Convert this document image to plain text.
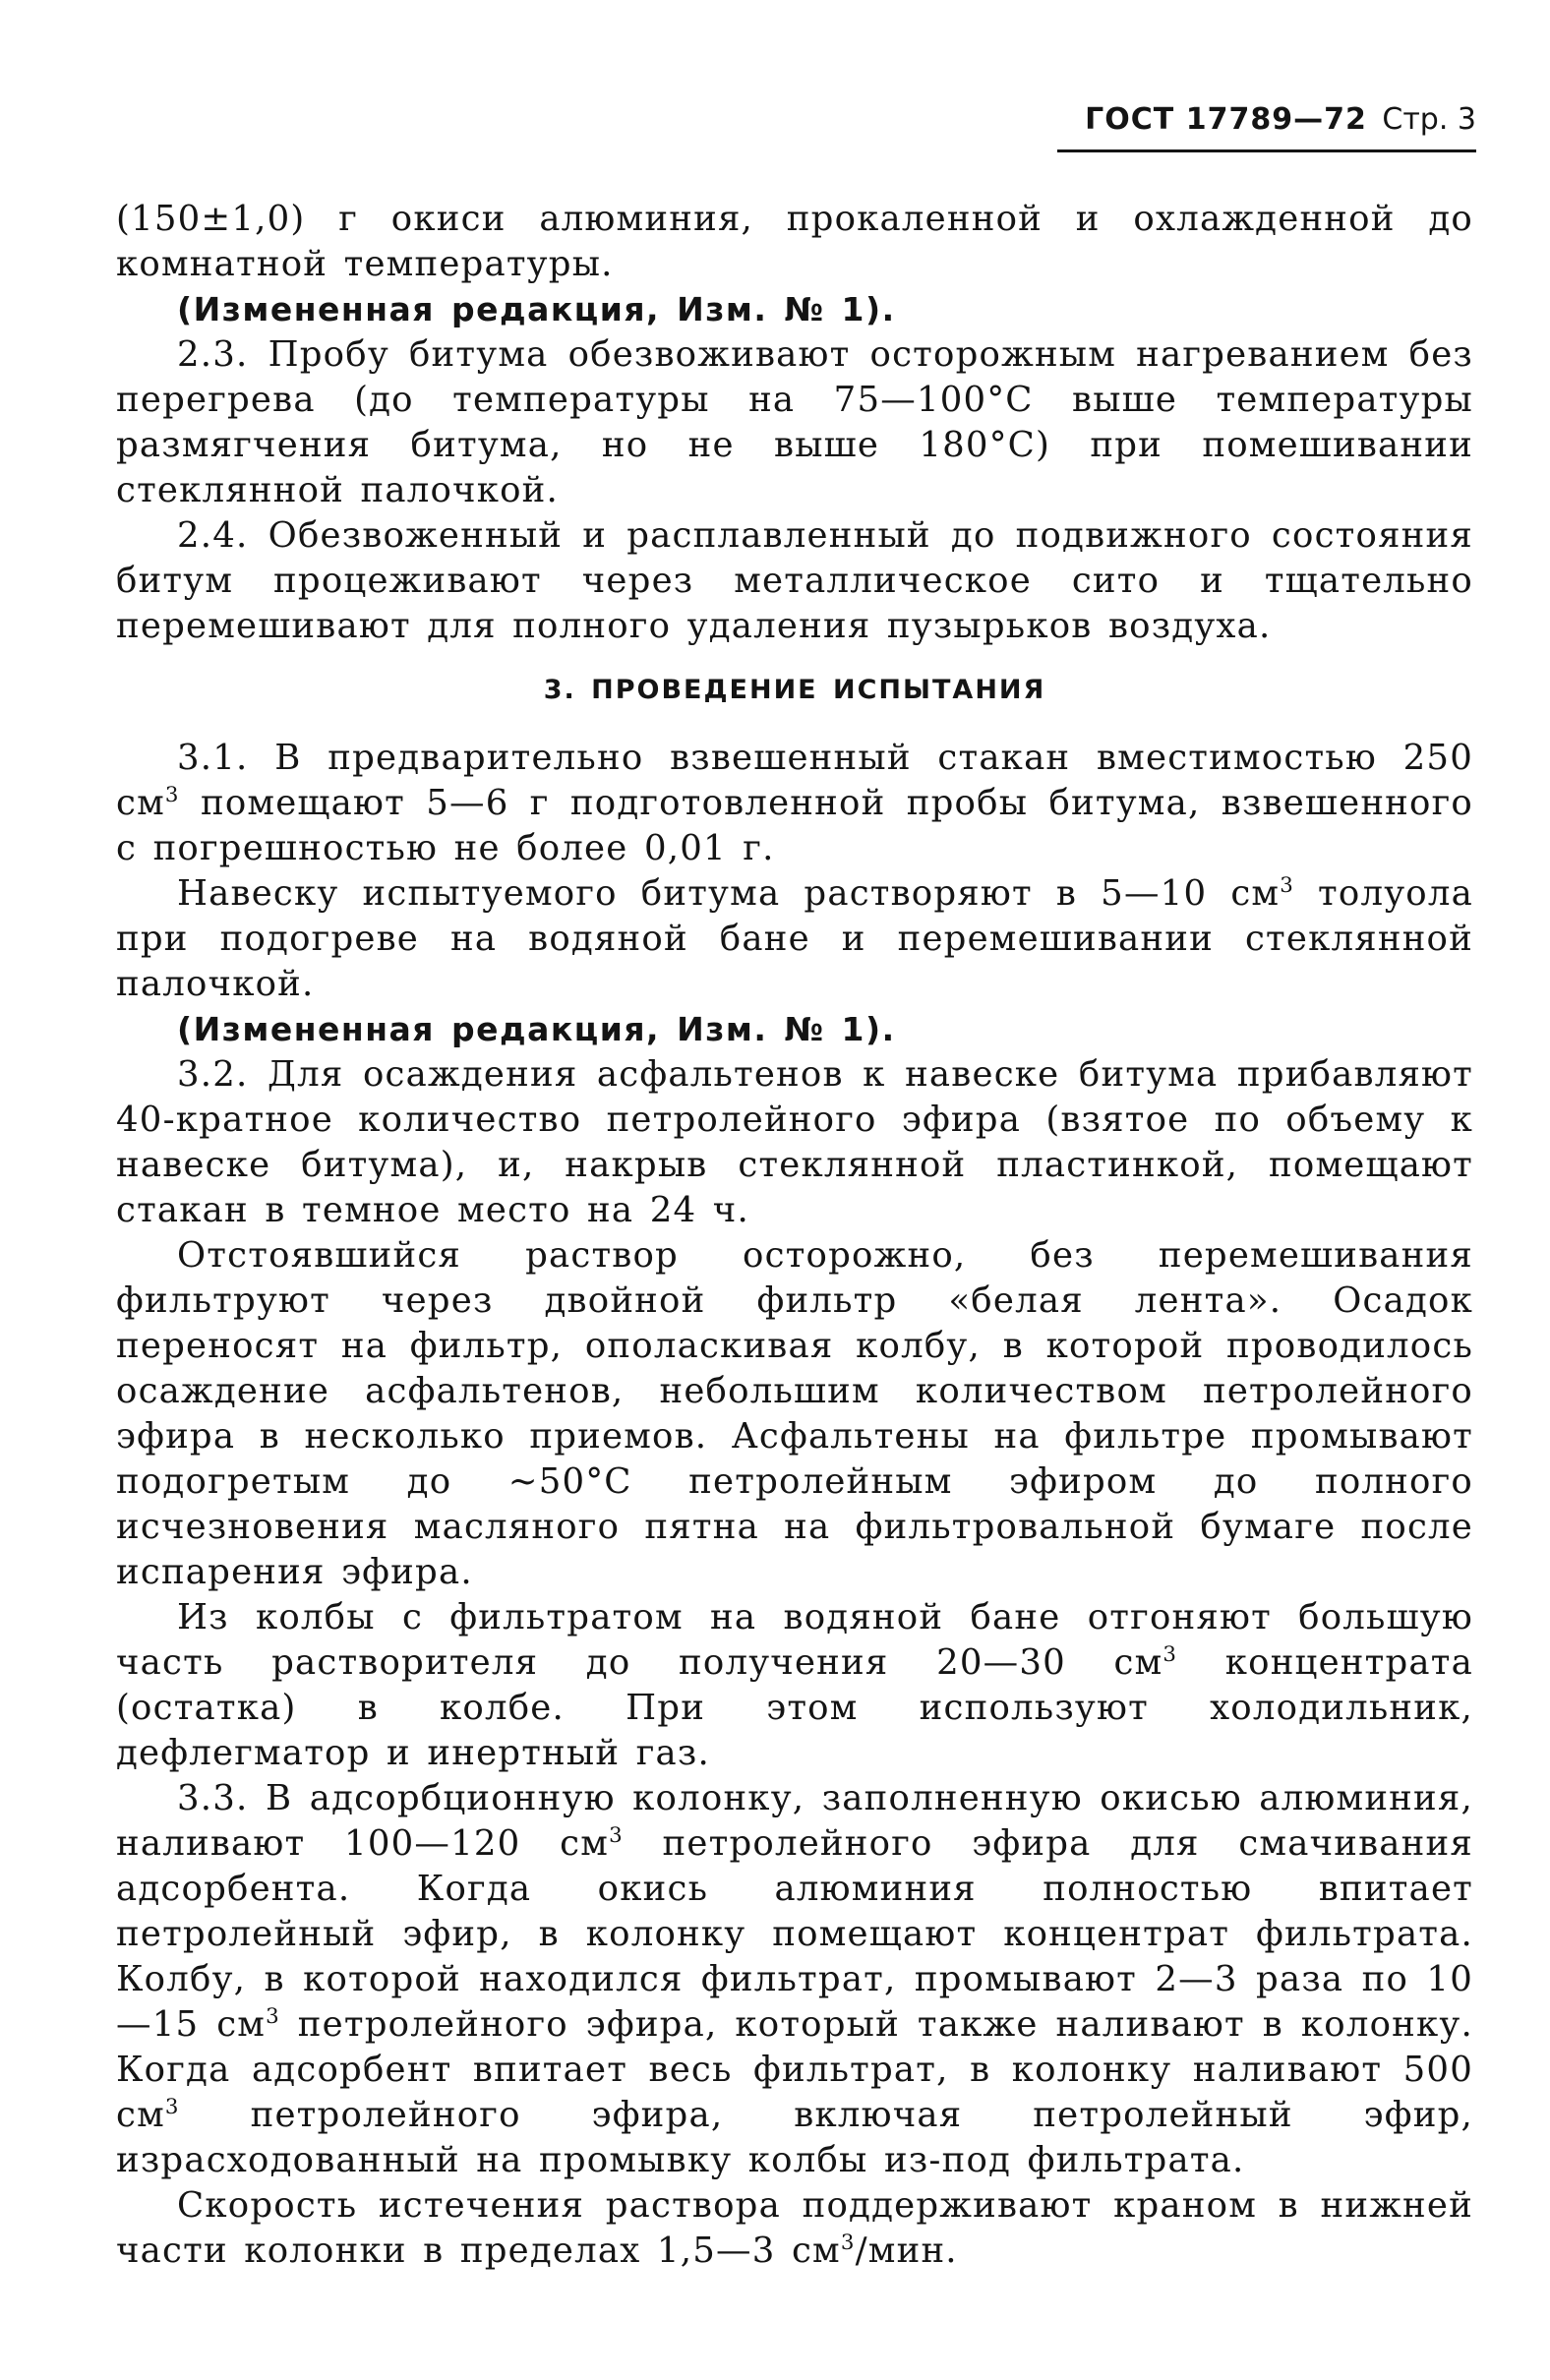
ГОСТ 17789—72 Стр. 3

(150±1,0) г окиси алюминия, прокаленной и охлажденной до комнатной температуры.

(Измененная редакция, Изм. № 1).

2.3. Пробу битума обезвоживают осторожным нагреванием без перегрева (до температуры на 75—100°С выше температуры размягчения битума, но не выше 180°С) при помешивании стеклянной палочкой.

2.4. Обезвоженный и расплавленный до подвижного состояния битум процеживают через металлическое сито и тщательно перемешивают для полного удаления пузырьков воздуха.

3. ПРОВЕДЕНИЕ ИСПЫТАНИЯ

3.1. В предварительно взвешенный стакан вместимостью 250 $см^3$ помещают 5—6 г подготовленной пробы битума, взвешенного с погрешностью не более 0,01 г.

Навеску испытуемого битума растворяют в 5—10 $см^3$ толуола при подогреве на водяной бане и перемешивании стеклянной палочкой.

(Измененная редакция, Изм. № 1).

3.2. Для осаждения асфальтенов к навеске битума прибавляют 40-кратное количество петролейного эфира (взятое по объему к навеске битума), и, накрыв стеклянной пластинкой, помещают стакан в темное место на 24 ч.

Отстоявшийся раствор осторожно, без перемешивания фильтруют через двойной фильтр «белая лента». Осадок переносят на фильтр, ополаскивая колбу, в которой проводилось осаждение асфальтенов, небольшим количеством петролейного эфира в несколько приемов. Асфальтены на фильтре промывают подогретым до ~50°С петролейным эфиром до полного исчезновения масляного пятна на фильтровальной бумаге после испарения эфира.

Из колбы с фильтратом на водяной бане отгоняют большую часть растворителя до получения 20—30 $см^3$ концентрата (остатка) в колбе. При этом используют холодильник, дефлегматор и инертный газ.

3.3. В адсорбционную колонку, заполненную окисью алюминия, наливают 100—120 $см^3$ петролейного эфира для смачивания адсорбента. Когда окись алюминия полностью впитает петролейный эфир, в колонку помещают концентрат фильтрата. Колбу, в которой находился фильтрат, промывают 2—3 раза по 10—15 $см^3$ петролейного эфира, который также наливают в колонку. Когда адсорбент впитает весь фильтрат, в колонку наливают 500 $см^3$ петролейного эфира, включая петролейный эфир, израсходованный на промывку колбы из-под фильтрата.

Скорость истечения раствора поддерживают краном в нижней части колонки в пределах 1,5—3 $см^3$/мин.
